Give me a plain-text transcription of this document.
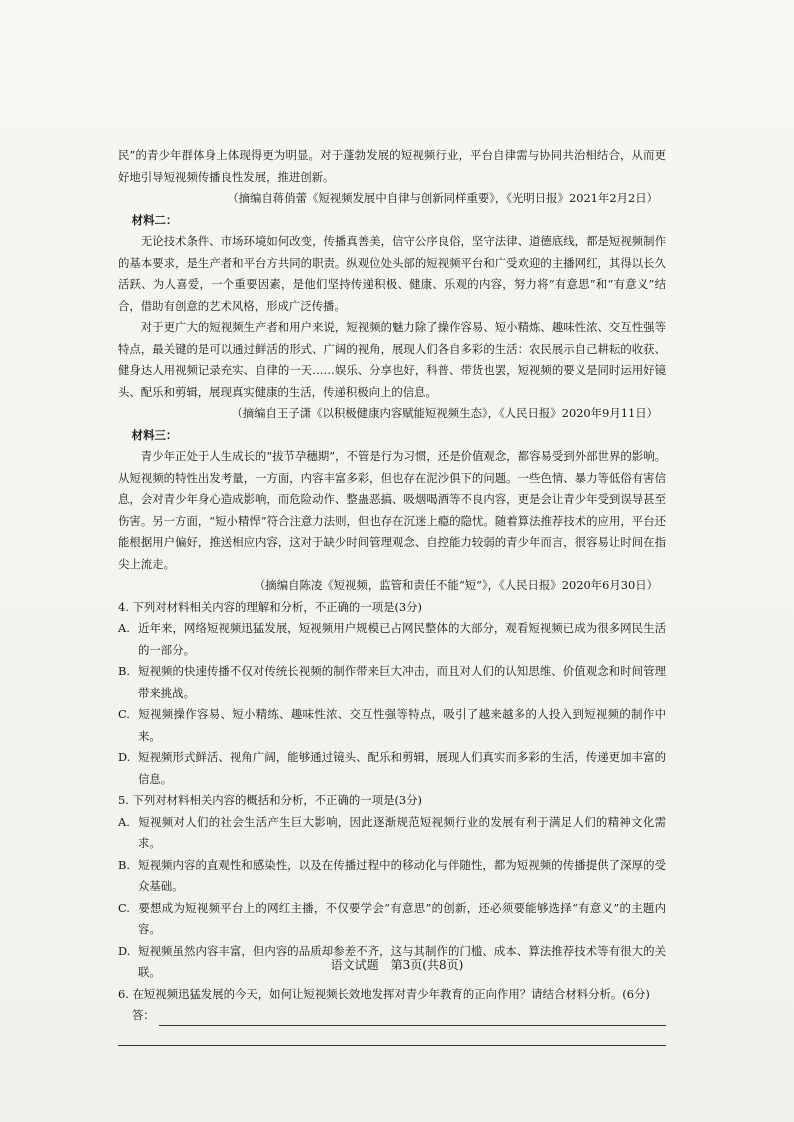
民”的青少年群体身上体现得更为明显。对于蓬勃发展的短视频行业，平台自律需与协同共治相结合，从而更好地引导短视频传播良性发展，推进创新。

（摘编自蒋俏蕾《短视频发展中自律与创新同样重要》，《光明日报》2021年2月2日）

材料二：

无论技术条件、市场环境如何改变，传播真善美，信守公序良俗，坚守法律、道德底线，都是短视频制作的基本要求，是生产者和平台方共同的职责。纵观位处头部的短视频平台和广受欢迎的主播网红，其得以长久活跃、为人喜爱，一个重要因素，是他们坚持传递积极、健康、乐观的内容，努力将“有意思”和“有意义”结合，借助有创意的艺术风格，形成广泛传播。

对于更广大的短视频生产者和用户来说，短视频的魅力除了操作容易、短小精炼、趣味性浓、交互性强等特点，最关键的是可以通过鲜活的形式、广阔的视角，展现人们各自多彩的生活：农民展示自己耕耘的收获、健身达人用视频记录充实、自律的一天……娱乐、分享也好，科普、带货也罢，短视频的要义是同时运用好镜头、配乐和剪辑，展现真实健康的生活，传递积极向上的信息。

（摘编自王子潇《以积极健康内容赋能短视频生态》，《人民日报》2020年9月11日）

材料三：

青少年正处于人生成长的“拔节孕穗期”，不管是行为习惯，还是价值观念，都容易受到外部世界的影响。从短视频的特性出发考量，一方面，内容丰富多彩，但也存在泥沙俱下的问题。一些色情、暴力等低俗有害信息，会对青少年身心造成影响，而危险动作、整蛊恶搞、吸烟喝酒等不良内容，更是会让青少年受到误导甚至伤害。另一方面，“短小精悍”符合注意力法则，但也存在沉迷上瘾的隐忧。随着算法推荐技术的应用，平台还能根据用户偏好，推送相应内容，这对于缺少时间管理观念、自控能力较弱的青少年而言，很容易让时间在指尖上流走。

（摘编自陈凌《短视频，监管和责任不能“短”》，《人民日报》2020年6月30日）

4. 下列对材料相关内容的理解和分析，不正确的一项是(3分)

A. 近年来，网络短视频迅猛发展，短视频用户规模已占网民整体的大部分，观看短视频已成为很多网民生活的一部分。

B. 短视频的快速传播不仅对传统长视频的制作带来巨大冲击，而且对人们的认知思维、价值观念和时间管理带来挑战。

C. 短视频操作容易、短小精练、趣味性浓、交互性强等特点，吸引了越来越多的人投入到短视频的制作中来。

D. 短视频形式鲜活、视角广阔，能够通过镜头、配乐和剪辑，展现人们真实而多彩的生活，传递更加丰富的信息。

5. 下列对材料相关内容的概括和分析，不正确的一项是(3分)

A. 短视频对人们的社会生活产生巨大影响，因此逐渐规范短视频行业的发展有利于满足人们的精神文化需求。

B. 短视频内容的直观性和感染性，以及在传播过程中的移动化与伴随性，都为短视频的传播提供了深厚的受众基础。

C. 要想成为短视频平台上的网红主播，不仅要学会“有意思”的创新，还必须要能够选择“有意义”的主题内容。

D. 短视频虽然内容丰富，但内容的品质却参差不齐，这与其制作的门槛、成本、算法推荐技术等有很大的关联。

6. 在短视频迅猛发展的今天，如何让短视频长效地发挥对青少年教育的正向作用？请结合材料分析。(6分)

答：
语文试题　第3页(共8页)
